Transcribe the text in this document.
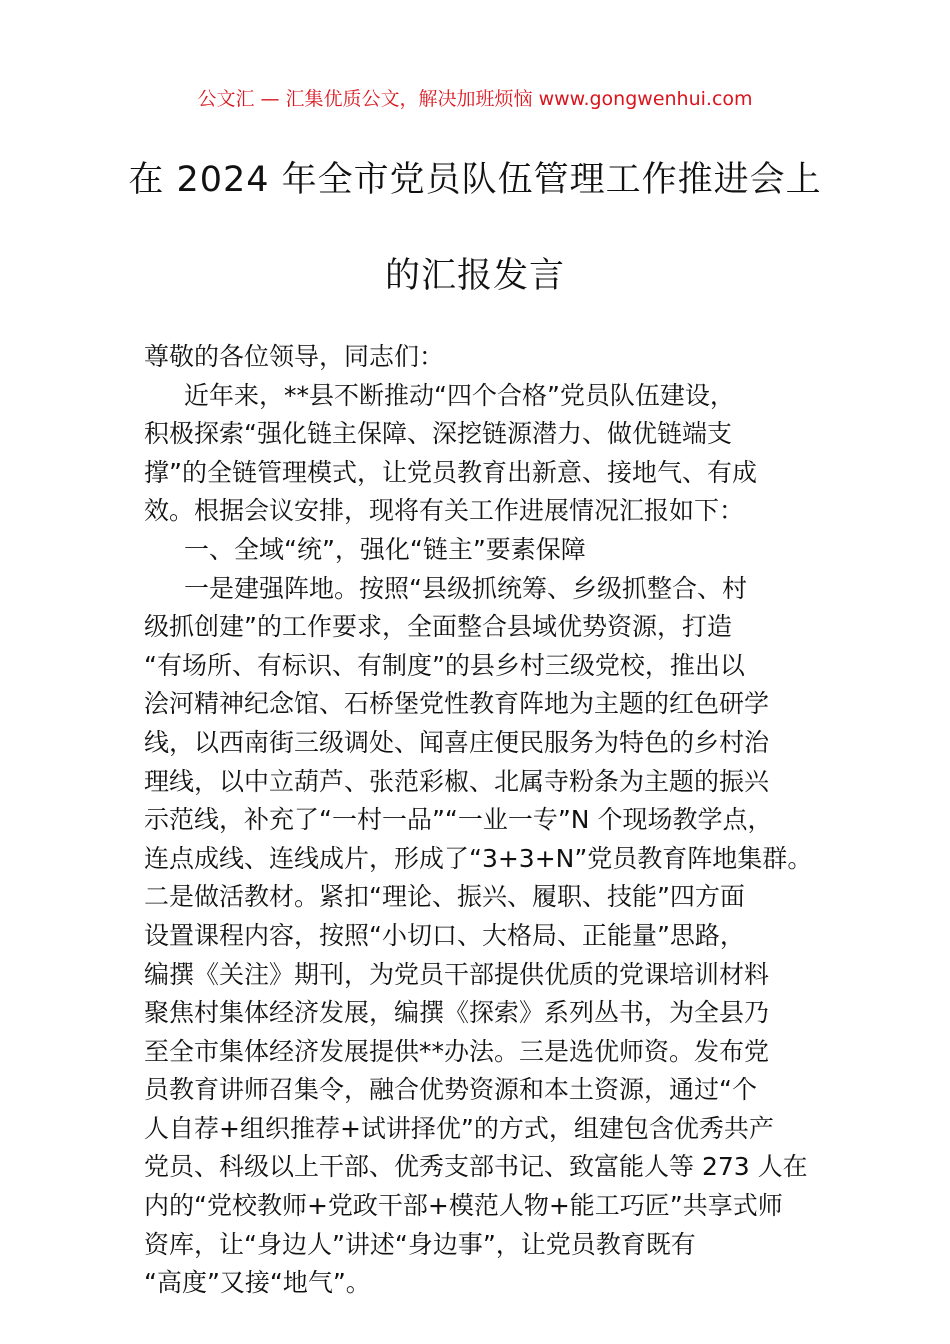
公文汇 — 汇集优质公文，解决加班烦恼 www.gongwenhui.com
在 2024 年全市党员队伍管理工作推进会上
的汇报发言
尊敬的各位领导，同志们：
近年来，**县不断推动“四个合格”党员队伍建设，
积极探索“强化链主保障、深挖链源潜力、做优链端支
撑”的全链管理模式，让党员教育出新意、接地气、有成
效。根据会议安排，现将有关工作进展情况汇报如下：
一、全域“统”，强化“链主”要素保障
一是建强阵地。按照“县级抓统筹、乡级抓整合、村
级抓创建”的工作要求，全面整合县域优势资源，打造
“有场所、有标识、有制度”的县乡村三级党校，推出以
浍河精神纪念馆、石桥堡党性教育阵地为主题的红色研学
线，以西南街三级调处、闻喜庄便民服务为特色的乡村治
理线，以中立葫芦、张范彩椒、北属寺粉条为主题的振兴
示范线，补充了“一村一品”“一业一专”N 个现场教学点，
连点成线、连线成片，形成了“3+3+N”党员教育阵地集群。
二是做活教材。紧扣“理论、振兴、履职、技能”四方面
设置课程内容，按照“小切口、大格局、正能量”思路，
编撰《关注》期刊，为党员干部提供优质的党课培训材料
聚焦村集体经济发展，编撰《探索》系列丛书，为全县乃
至全市集体经济发展提供**办法。三是选优师资。发布党
员教育讲师召集令，融合优势资源和本土资源，通过“个
人自荐+组织推荐+试讲择优”的方式，组建包含优秀共产
党员、科级以上干部、优秀支部书记、致富能人等 273 人在
内的“党校教师+党政干部+模范人物+能工巧匠”共享式师
资库，让“身边人”讲述“身边事”，让党员教育既有
“高度”又接“地气”。
